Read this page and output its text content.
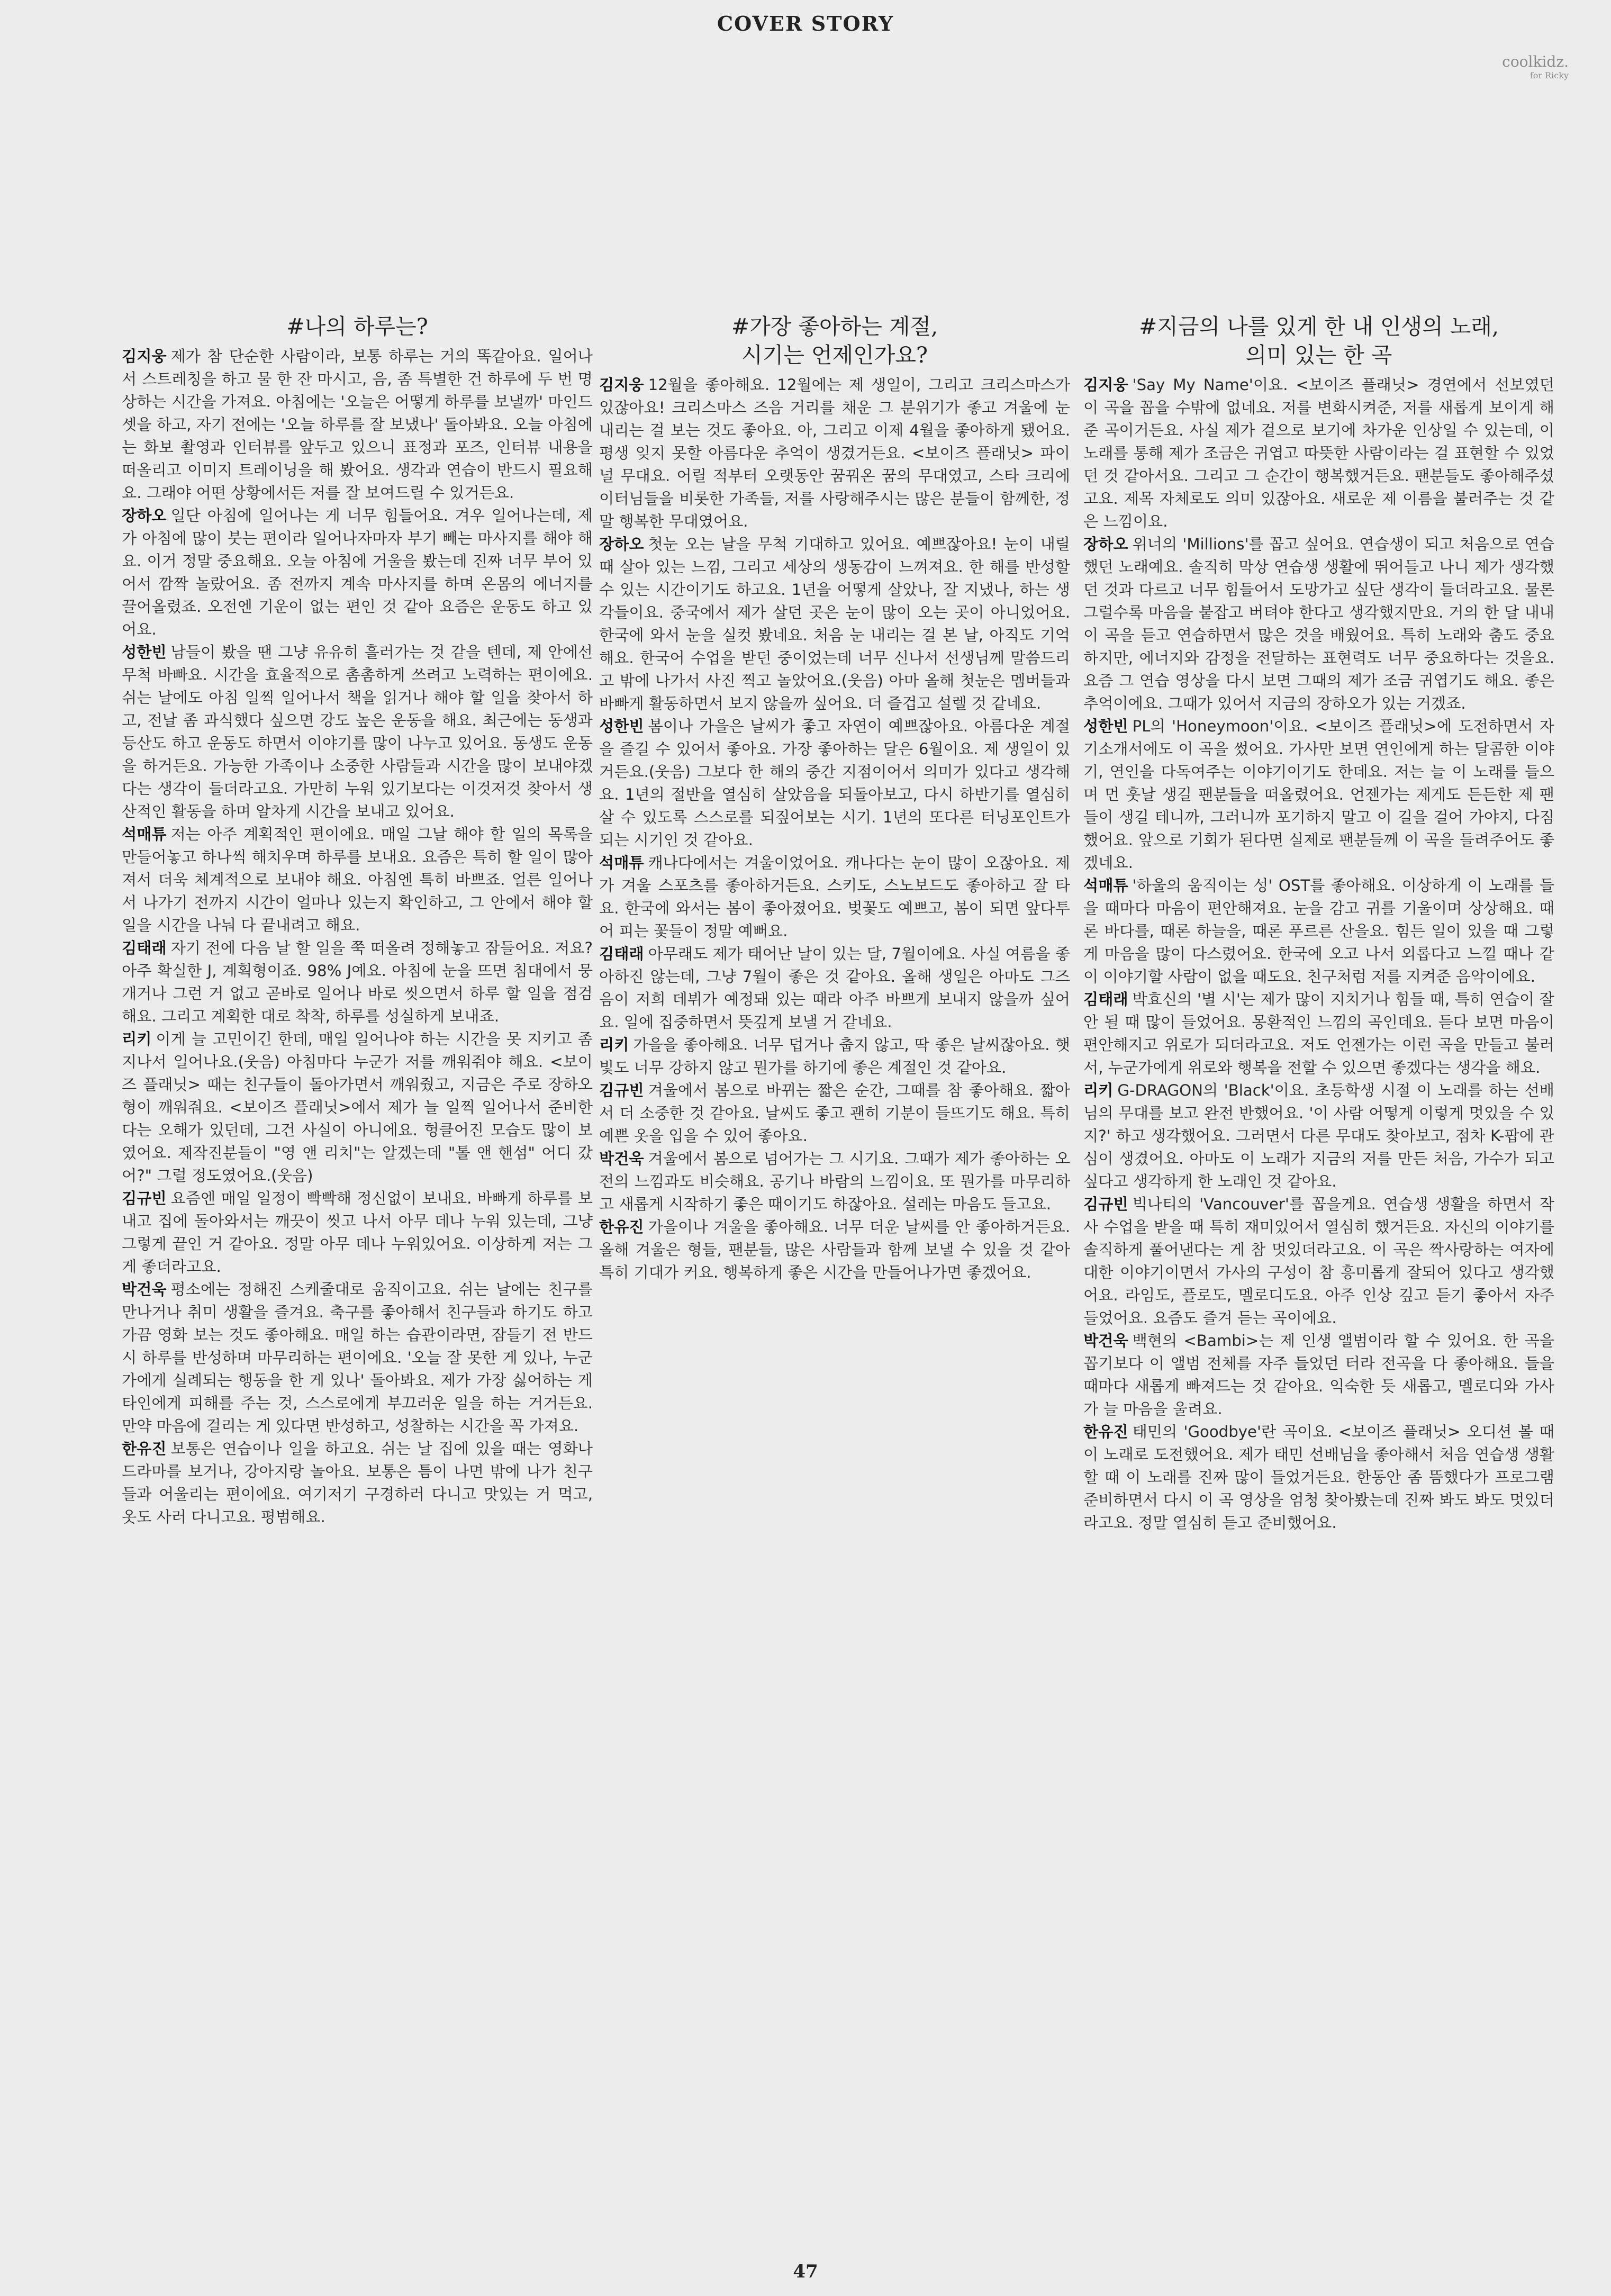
COVER STORY
coolkidz.
for Ricky
#나의 하루는?

김지웅 제가 참 단순한 사람이라, 보통 하루는 거의 똑같아요. 일어나서 스트레칭을 하고 물 한 잔 마시고, 음, 좀 특별한 건 하루에 두 번 명상하는 시간을 가져요. 아침에는 '오늘은 어떻게 하루를 보낼까' 마인드셋을 하고, 자기 전에는 '오늘 하루를 잘 보냈나' 돌아봐요. 오늘 아침에는 화보 촬영과 인터뷰를 앞두고 있으니 표정과 포즈, 인터뷰 내용을 떠올리고 이미지 트레이닝을 해 봤어요. 생각과 연습이 반드시 필요해요. 그래야 어떤 상황에서든 저를 잘 보여드릴 수 있거든요.

장하오 일단 아침에 일어나는 게 너무 힘들어요. 겨우 일어나는데, 제가 아침에 많이 붓는 편이라 일어나자마자 부기 빼는 마사지를 해야 해요. 이거 정말 중요해요. 오늘 아침에 거울을 봤는데 진짜 너무 부어 있어서 깜짝 놀랐어요. 좀 전까지 계속 마사지를 하며 온몸의 에너지를 끌어올렸죠. 오전엔 기운이 없는 편인 것 같아 요즘은 운동도 하고 있어요.

성한빈 남들이 봤을 땐 그냥 유유히 흘러가는 것 같을 텐데, 제 안에선 무척 바빠요. 시간을 효율적으로 촘촘하게 쓰려고 노력하는 편이에요. 쉬는 날에도 아침 일찍 일어나서 책을 읽거나 해야 할 일을 찾아서 하고, 전날 좀 과식했다 싶으면 강도 높은 운동을 해요. 최근에는 동생과 등산도 하고 운동도 하면서 이야기를 많이 나누고 있어요. 동생도 운동을 하거든요. 가능한 가족이나 소중한 사람들과 시간을 많이 보내야겠다는 생각이 들더라고요. 가만히 누워 있기보다는 이것저것 찾아서 생산적인 활동을 하며 알차게 시간을 보내고 있어요.

석매튜 저는 아주 계획적인 편이에요. 매일 그날 해야 할 일의 목록을 만들어놓고 하나씩 해치우며 하루를 보내요. 요즘은 특히 할 일이 많아져서 더욱 체계적으로 보내야 해요. 아침엔 특히 바쁘죠. 얼른 일어나서 나가기 전까지 시간이 얼마나 있는지 확인하고, 그 안에서 해야 할 일을 시간을 나눠 다 끝내려고 해요.

김태래 자기 전에 다음 날 할 일을 쭉 떠올려 정해놓고 잠들어요. 저요? 아주 확실한 J, 계획형이죠. 98% J예요. 아침에 눈을 뜨면 침대에서 뭉개거나 그런 거 없고 곧바로 일어나 바로 씻으면서 하루 할 일을 점검해요. 그리고 계획한 대로 착착, 하루를 성실하게 보내죠.

리키 이게 늘 고민이긴 한데, 매일 일어나야 하는 시간을 못 지키고 좀 지나서 일어나요.(웃음) 아침마다 누군가 저를 깨워줘야 해요. <보이즈 플래닛> 때는 친구들이 돌아가면서 깨워줬고, 지금은 주로 장하오 형이 깨워줘요. <보이즈 플래닛>에서 제가 늘 일찍 일어나서 준비한다는 오해가 있던데, 그건 사실이 아니에요. 헝클어진 모습도 많이 보였어요. 제작진분들이 "영 앤 리치"는 알겠는데 "톨 앤 핸섬" 어디 갔어?" 그럴 정도였어요.(웃음)

김규빈 요즘엔 매일 일정이 빡빡해 정신없이 보내요. 바빠게 하루를 보내고 집에 돌아와서는 깨끗이 씻고 나서 아무 데나 누워 있는데, 그냥 그렇게 끝인 거 같아요. 정말 아무 데나 누워있어요. 이상하게 저는 그게 좋더라고요.

박건욱 평소에는 정해진 스케줄대로 움직이고요. 쉬는 날에는 친구를 만나거나 취미 생활을 즐겨요. 축구를 좋아해서 친구들과 하기도 하고 가끔 영화 보는 것도 좋아해요. 매일 하는 습관이라면, 잠들기 전 반드시 하루를 반성하며 마무리하는 편이에요. '오늘 잘 못한 게 있나, 누군가에게 실례되는 행동을 한 게 있나' 돌아봐요. 제가 가장 싫어하는 게 타인에게 피해를 주는 것, 스스로에게 부끄러운 일을 하는 거거든요. 만약 마음에 걸리는 게 있다면 반성하고, 성찰하는 시간을 꼭 가져요.

한유진 보통은 연습이나 일을 하고요. 쉬는 날 집에 있을 때는 영화나 드라마를 보거나, 강아지랑 놀아요. 보통은 틈이 나면 밖에 나가 친구들과 어울리는 편이에요. 여기저기 구경하러 다니고 맛있는 거 먹고, 옷도 사러 다니고요. 평범해요.

#가장 좋아하는 계절,
시기는 언제인가요?

김지웅 12월을 좋아해요. 12월에는 제 생일이, 그리고 크리스마스가 있잖아요! 크리스마스 즈음 거리를 채운 그 분위기가 좋고 겨울에 눈 내리는 걸 보는 것도 좋아요. 아, 그리고 이제 4월을 좋아하게 됐어요. 평생 잊지 못할 아름다운 추억이 생겼거든요. <보이즈 플래닛> 파이널 무대요. 어릴 적부터 오랫동안 꿈꿔온 꿈의 무대였고, 스타 크리에이터님들을 비롯한 가족들, 저를 사랑해주시는 많은 분들이 함께한, 정말 행복한 무대였어요.

장하오 첫눈 오는 날을 무척 기대하고 있어요. 예쁘잖아요! 눈이 내릴 때 살아 있는 느낌, 그리고 세상의 생동감이 느껴져요. 한 해를 반성할 수 있는 시간이기도 하고요. 1년을 어떻게 살았나, 잘 지냈나, 하는 생각들이요. 중국에서 제가 살던 곳은 눈이 많이 오는 곳이 아니었어요. 한국에 와서 눈을 실컷 봤네요. 처음 눈 내리는 걸 본 날, 아직도 기억해요. 한국어 수업을 받던 중이었는데 너무 신나서 선생님께 말씀드리고 밖에 나가서 사진 찍고 놀았어요.(웃음) 아마 올해 첫눈은 멤버들과 바빠게 활동하면서 보지 않을까 싶어요. 더 즐겁고 설렐 것 같네요.

성한빈 봄이나 가을은 날씨가 좋고 자연이 예쁘잖아요. 아름다운 계절을 즐길 수 있어서 좋아요. 가장 좋아하는 달은 6월이요. 제 생일이 있거든요.(웃음) 그보다 한 해의 중간 지점이어서 의미가 있다고 생각해요. 1년의 절반을 열심히 살았음을 되돌아보고, 다시 하반기를 열심히 살 수 있도록 스스로를 되짚어보는 시기. 1년의 또다른 터닝포인트가 되는 시기인 것 같아요.

석매튜 캐나다에서는 겨울이었어요. 캐나다는 눈이 많이 오잖아요. 제가 겨울 스포츠를 좋아하거든요. 스키도, 스노보드도 좋아하고 잘 타요. 한국에 와서는 봄이 좋아졌어요. 벚꽃도 예쁘고, 봄이 되면 앞다투어 피는 꽃들이 정말 예뻐요.

김태래 아무래도 제가 태어난 날이 있는 달, 7월이에요. 사실 여름을 좋아하진 않는데, 그냥 7월이 좋은 것 같아요. 올해 생일은 아마도 그즈음이 저희 데뷔가 예정돼 있는 때라 아주 바쁘게 보내지 않을까 싶어요. 일에 집중하면서 뜻깊게 보낼 거 같네요.

리키 가을을 좋아해요. 너무 덥거나 춥지 않고, 딱 좋은 날씨잖아요. 햇빛도 너무 강하지 않고 뭔가를 하기에 좋은 계절인 것 같아요.

김규빈 겨울에서 봄으로 바뀌는 짧은 순간, 그때를 참 좋아해요. 짧아서 더 소중한 것 같아요. 날씨도 좋고 괜히 기분이 들뜨기도 해요. 특히 예쁜 옷을 입을 수 있어 좋아요.

박건욱 겨울에서 봄으로 넘어가는 그 시기요. 그때가 제가 좋아하는 오전의 느낌과도 비슷해요. 공기나 바람의 느낌이요. 또 뭔가를 마무리하고 새롭게 시작하기 좋은 때이기도 하잖아요. 설레는 마음도 들고요.

한유진 가을이나 겨울을 좋아해요. 너무 더운 날씨를 안 좋아하거든요. 올해 겨울은 형들, 팬분들, 많은 사람들과 함께 보낼 수 있을 것 같아 특히 기대가 커요. 행복하게 좋은 시간을 만들어나가면 좋겠어요.

#지금의 나를 있게 한 내 인생의 노래,
의미 있는 한 곡

김지웅 'Say My Name'이요. <보이즈 플래닛> 경연에서 선보였던 이 곡을 꼽을 수밖에 없네요. 저를 변화시켜준, 저를 새롭게 보이게 해준 곡이거든요. 사실 제가 겉으로 보기에 차가운 인상일 수 있는데, 이 노래를 통해 제가 조금은 귀엽고 따뜻한 사람이라는 걸 표현할 수 있었던 것 같아서요. 그리고 그 순간이 행복했거든요. 팬분들도 좋아해주셨고요. 제목 자체로도 의미 있잖아요. 새로운 제 이름을 불러주는 것 같은 느낌이요.

장하오 위너의 'Millions'를 꼽고 싶어요. 연습생이 되고 처음으로 연습했던 노래예요. 솔직히 막상 연습생 생활에 뛰어들고 나니 제가 생각했던 것과 다르고 너무 힘들어서 도망가고 싶단 생각이 들더라고요. 물론 그럴수록 마음을 붙잡고 버텨야 한다고 생각했지만요. 거의 한 달 내내 이 곡을 듣고 연습하면서 많은 것을 배웠어요. 특히 노래와 춤도 중요하지만, 에너지와 감정을 전달하는 표현력도 너무 중요하다는 것을요. 요즘 그 연습 영상을 다시 보면 그때의 제가 조금 귀엽기도 해요. 좋은 추억이에요. 그때가 있어서 지금의 장하오가 있는 거겠죠.

성한빈 PL의 'Honeymoon'이요. <보이즈 플래닛>에 도전하면서 자기소개서에도 이 곡을 썼어요. 가사만 보면 연인에게 하는 달콤한 이야기, 연인을 다독여주는 이야기이기도 한데요. 저는 늘 이 노래를 들으며 먼 훗날 생길 팬분들을 떠올렸어요. 언젠가는 제게도 든든한 제 팬들이 생길 테니까, 그러니까 포기하지 말고 이 길을 걸어 가야지, 다짐했어요. 앞으로 기회가 된다면 실제로 팬분들께 이 곡을 들려주어도 좋겠네요.

석매튜 '하울의 움직이는 성' OST를 좋아해요. 이상하게 이 노래를 들을 때마다 마음이 편안해져요. 눈을 감고 귀를 기울이며 상상해요. 때론 바다를, 때론 하늘을, 때론 푸르른 산을요. 힘든 일이 있을 때 그렇게 마음을 많이 다스렸어요. 한국에 오고 나서 외롭다고 느낄 때나 같이 이야기할 사람이 없을 때도요. 친구처럼 저를 지켜준 음악이에요.

김태래 박효신의 '별 시'는 제가 많이 지치거나 힘들 때, 특히 연습이 잘 안 될 때 많이 들었어요. 몽환적인 느낌의 곡인데요. 듣다 보면 마음이 편안해지고 위로가 되더라고요. 저도 언젠가는 이런 곡을 만들고 불러서, 누군가에게 위로와 행복을 전할 수 있으면 좋겠다는 생각을 해요.

리키 G-DRAGON의 'Black'이요. 초등학생 시절 이 노래를 하는 선배님의 무대를 보고 완전 반했어요. '이 사람 어떻게 이렇게 멋있을 수 있지?' 하고 생각했어요. 그러면서 다른 무대도 찾아보고, 점차 K-팝에 관심이 생겼어요. 아마도 이 노래가 지금의 저를 만든 처음, 가수가 되고 싶다고 생각하게 한 노래인 것 같아요.

김규빈 빅나티의 'Vancouver'를 꼽을게요. 연습생 생활을 하면서 작사 수업을 받을 때 특히 재미있어서 열심히 했거든요. 자신의 이야기를 솔직하게 풀어낸다는 게 참 멋있더라고요. 이 곡은 짝사랑하는 여자에 대한 이야기이면서 가사의 구성이 참 흥미롭게 잘되어 있다고 생각했어요. 라임도, 플로도, 멜로디도요. 아주 인상 깊고 듣기 좋아서 자주 들었어요. 요즘도 즐겨 듣는 곡이에요.

박건욱 백현의 <Bambi>는 제 인생 앨범이라 할 수 있어요. 한 곡을 꼽기보다 이 앨범 전체를 자주 들었던 터라 전곡을 다 좋아해요. 들을 때마다 새롭게 빠져드는 것 같아요. 익숙한 듯 새롭고, 멜로디와 가사가 늘 마음을 울려요.

한유진 태민의 'Goodbye'란 곡이요. <보이즈 플래닛> 오디션 볼 때 이 노래로 도전했어요. 제가 태민 선배님을 좋아해서 처음 연습생 생활할 때 이 노래를 진짜 많이 들었거든요. 한동안 좀 뜸했다가 프로그램 준비하면서 다시 이 곡 영상을 엄청 찾아봤는데 진짜 봐도 봐도 멋있더라고요. 정말 열심히 듣고 준비했어요.

47
